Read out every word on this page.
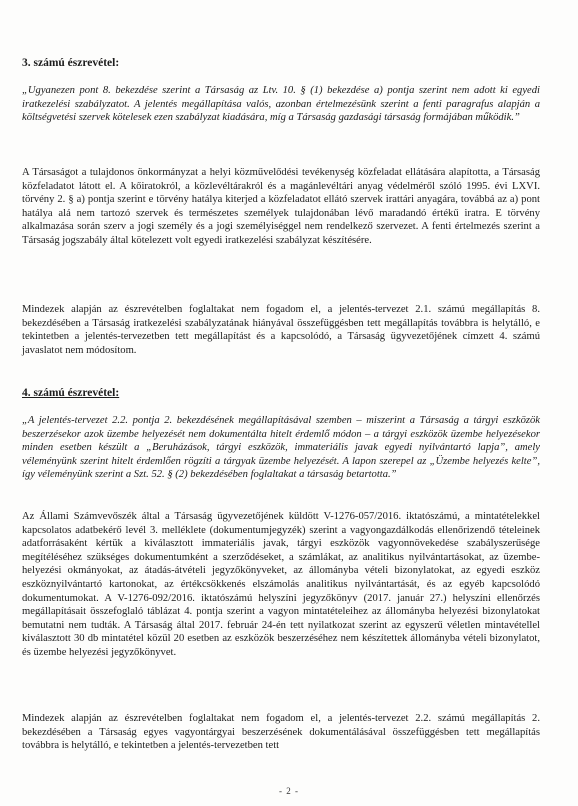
3. számú észrevétel:
„Ugyanezen pont 8. bekezdése szerint a Társaság az Ltv. 10. § (1) bekezdése a) pontja szerint nem adott ki egyedi iratkezelési szabályzatot. A jelentés megállapítása valós, azonban értelmezésünk szerint a fenti paragrafus alapján a költségvetési szervek kötelesek ezen szabályzat kiadására, míg a Társaság gazdasági társaság formájában működik.”
A Társaságot a tulajdonos önkormányzat a helyi közművelődési tevékenység közfeladat ellátására alapította, a Társaság közfeladatot látott el. A kőiratokról, a közlevéltárakról és a magánlevéltári anyag védelméről szóló 1995. évi LXVI. törvény 2. § a) pontja szerint e törvény hatálya kiterjed a közfeladatot ellátó szervek irattári anyagára, továbbá az a) pont hatálya alá nem tartozó szervek és természetes személyek tulajdonában lévő maradandó értékű iratra. E törvény alkalmazása során szerv a jogi személy és a jogi személyiséggel nem rendelkező szervezet. A fenti értelmezés szerint a Társaság jogszabály által kötelezett volt egyedi iratkezelési szabályzat készítésére.
Mindezek alapján az észrevételben foglaltakat nem fogadom el, a jelentés-tervezet 2.1. számú megállapítás 8. bekezdésében a Társaság iratkezelési szabályzatának hiányával összefüggésben tett megállapítás továbbra is helytálló, e tekintetben a jelentés-tervezetben tett megállapítást és a kapcsolódó, a Társaság ügyvezetőjének címzett 4. számú javaslatot nem módosítom.
4. számú észrevétel:
„A jelentés-tervezet 2.2. pontja 2. bekezdésének megállapításával szemben – miszerint a Társaság a tárgyi eszközök beszerzésekor azok üzembe helyezését nem dokumentálta hitelt érdemlő módon – a tárgyi eszközök üzembe helyezésekor minden esetben készült a „Beruházások, tárgyi eszközök, immateriális javak egyedi nyilvántartó lapja”, amely véleményünk szerint hitelt érdemlően rögzíti a tárgyak üzembe helyezését. A lapon szerepel az „Üzembe helyezés kelte”, így véleményünk szerint a Szt. 52. § (2) bekezdésében foglaltakat a társaság betartotta.”
Az Állami Számvevőszék által a Társaság ügyvezetőjének küldött V-1276-057/2016. iktatószámú, a mintatételekkel kapcsolatos adatbekérő levél 3. melléklete (dokumentumjegyzék) szerint a vagyongazdálkodás ellenőrizendő tételeinek adatforrásaként kértük a kiválasztott immateriális javak, tárgyi eszközök vagyonnövekedése szabályszerűsége megítéléséhez szükséges dokumentumként a szerződéseket, a számlákat, az analitikus nyilvántartásokat, az üzembe-helyezési okmányokat, az átadás-átvételi jegyzőkönyveket, az állományba vételi bizonylatokat, az egyedi eszköz eszköznyilvántartó kartonokat, az értékcsökkenés elszámolás analitikus nyilvántartását, és az egyéb kapcsolódó dokumentumokat. A V-1276-092/2016. iktatószámú helyszíni jegyzőkönyv (2017. január 27.) helyszíni ellenőrzés megállapításait összefoglaló táblázat 4. pontja szerint a vagyon mintatételeihez az állományba helyezési bizonylatokat bemutatni nem tudták. A Társaság által 2017. február 24-én tett nyilatkozat szerint az egyszerű véletlen mintavétellel kiválasztott 30 db mintatétel közül 20 esetben az eszközök beszerzéséhez nem készítettek állományba vételi bizonylatot, és üzembe helyezési jegyzőkönyvet.
Mindezek alapján az észrevételben foglaltakat nem fogadom el, a jelentés-tervezet 2.2. számú megállapítás 2. bekezdésében a Társaság egyes vagyontárgyai beszerzésének dokumentálásával összefüggésben tett megállapítás továbbra is helytálló, e tekintetben a jelentés-tervezetben tett
- 2 -
